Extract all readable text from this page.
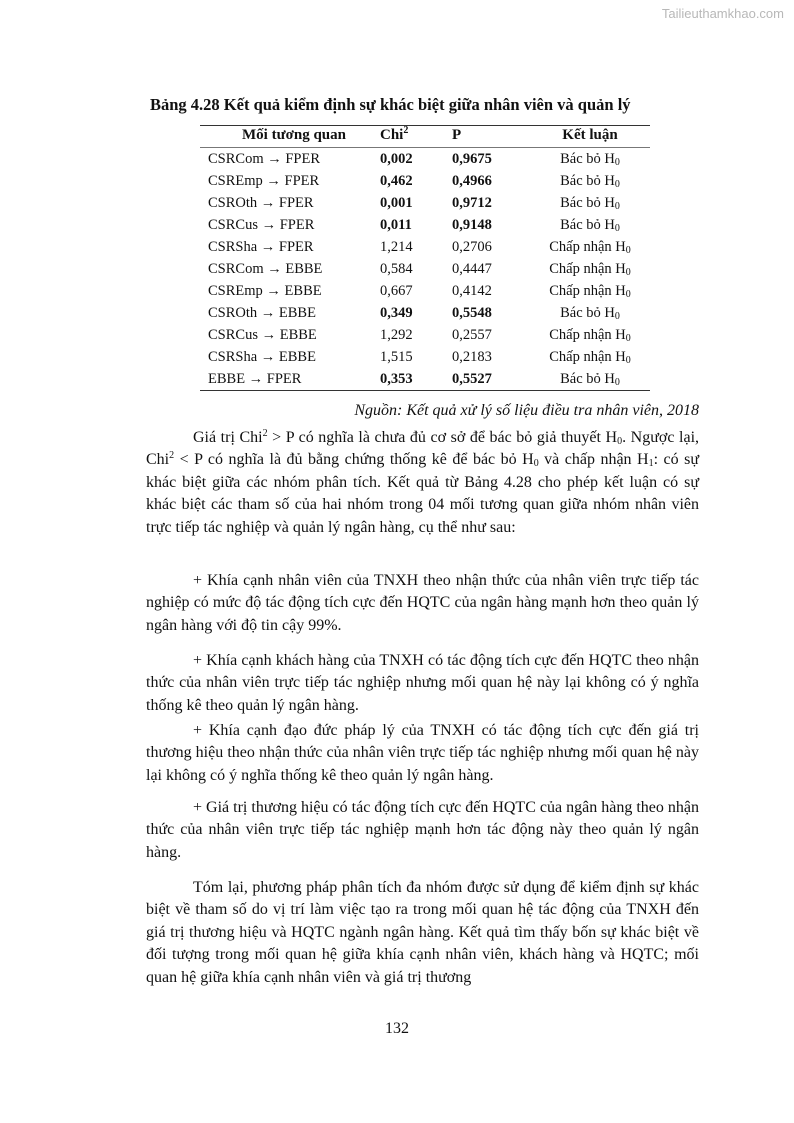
Tailieuthamkhao.com
Bảng 4.28 Kết quả kiểm định sự khác biệt giữa nhân viên và quản lý
Mối tương quan	Chi$^2$	P	Kết luận
CSRCom → FPER	0,002	0,9675	Bác bỏ $H_0$
CSREmp → FPER	0,462	0,4966	Bác bỏ $H_0$
CSROth → FPER	0,001	0,9712	Bác bỏ $H_0$
CSRCus → FPER	0,011	0,9148	Bác bỏ $H_0$
CSRSha → FPER	1,214	0,2706	Chấp nhận $H_0$
CSRCom → EBBE	0,584	0,4447	Chấp nhận $H_0$
CSREmp → EBBE	0,667	0,4142	Chấp nhận $H_0$
CSROth → EBBE	0,349	0,5548	Bác bỏ $H_0$
CSRCus → EBBE	1,292	0,2557	Chấp nhận $H_0$
CSRSha → EBBE	1,515	0,2183	Chấp nhận $H_0$
EBBE → FPER	0,353	0,5527	Bác bỏ $H_0$
Nguồn: Kết quả xử lý số liệu điều tra nhân viên, 2018

Giá trị Chi$^2$ > P có nghĩa là chưa đủ cơ sở để bác bỏ giả thuyết $H_0$. Ngược lại, Chi$^2$ < P có nghĩa là đủ bằng chứng thống kê để bác bỏ $H_0$ và chấp nhận $H_1$: có sự khác biệt giữa các nhóm phân tích. Kết quả từ Bảng 4.28 cho phép kết luận có sự khác biệt các tham số của hai nhóm trong 04 mối tương quan giữa nhóm nhân viên trực tiếp tác nghiệp và quản lý ngân hàng, cụ thể như sau:

+ Khía cạnh nhân viên của TNXH theo nhận thức của nhân viên trực tiếp tác nghiệp có mức độ tác động tích cực đến HQTC của ngân hàng mạnh hơn theo quản lý ngân hàng với độ tin cậy 99%.

+ Khía cạnh khách hàng của TNXH có tác động tích cực đến HQTC theo nhận thức của nhân viên trực tiếp tác nghiệp nhưng mối quan hệ này lại không có ý nghĩa thống kê theo quản lý ngân hàng.

+ Khía cạnh đạo đức pháp lý của TNXH có tác động tích cực đến giá trị thương hiệu theo nhận thức của nhân viên trực tiếp tác nghiệp nhưng mối quan hệ này lại không có ý nghĩa thống kê theo quản lý ngân hàng.

+ Giá trị thương hiệu có tác động tích cực đến HQTC của ngân hàng theo nhận thức của nhân viên trực tiếp tác nghiệp mạnh hơn tác động này theo quản lý ngân hàng.

Tóm lại, phương pháp phân tích đa nhóm được sử dụng để kiểm định sự khác biệt về tham số do vị trí làm việc tạo ra trong mối quan hệ tác động của TNXH đến giá trị thương hiệu và HQTC ngành ngân hàng. Kết quả tìm thấy bốn sự khác biệt về đối tượng trong mối quan hệ giữa khía cạnh nhân viên, khách hàng và HQTC; mối quan hệ giữa khía cạnh nhân viên và giá trị thương

132
